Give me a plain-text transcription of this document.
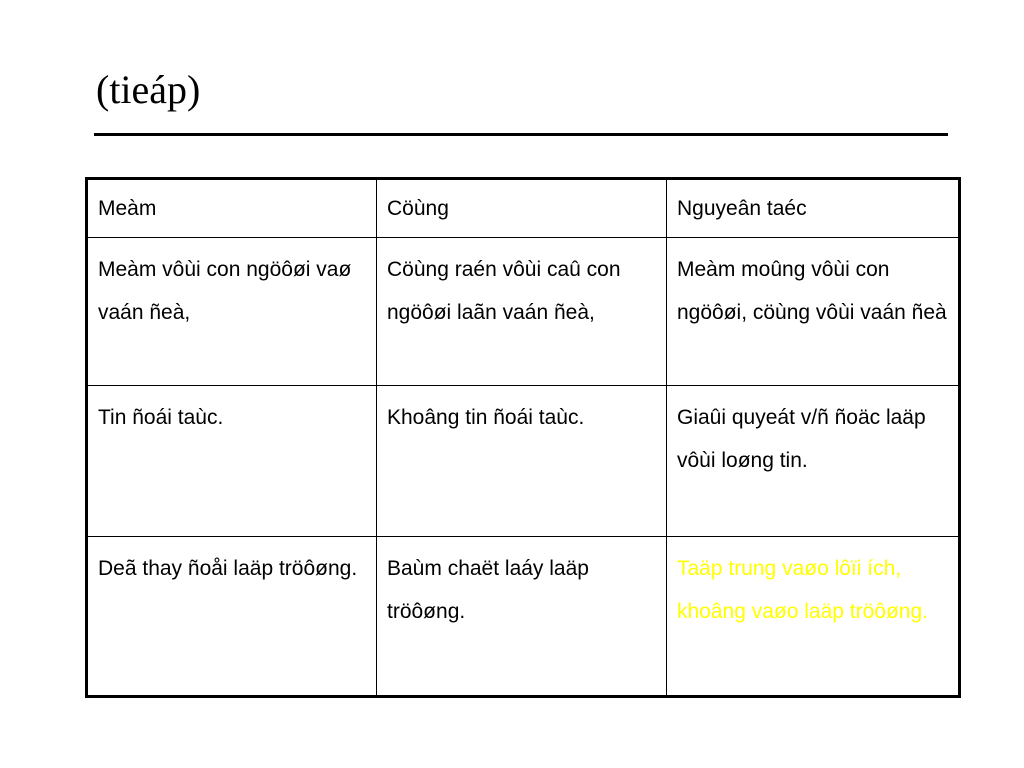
(tieáp)
Meàm	Cöùng	Nguyeân taéc
Meàm vôùi con ngöôøi vaø vaán ñeà,	Cöùng raén vôùi caû con ngöôøi laãn vaán ñeà,	Meàm moûng vôùi con ngöôøi, cöùng vôùi vaán ñeà
Tin ñoái taùc.	Khoâng tin ñoái taùc.	Giaûi quyeát v/ñ ñoäc laäp vôùi loøng tin.
Deã thay ñoåi laäp tröôøng.	Baùm chaët laáy laäp tröôøng.	Taäp trung vaøo lôïi ích, khoâng vaøo laäp tröôøng.
